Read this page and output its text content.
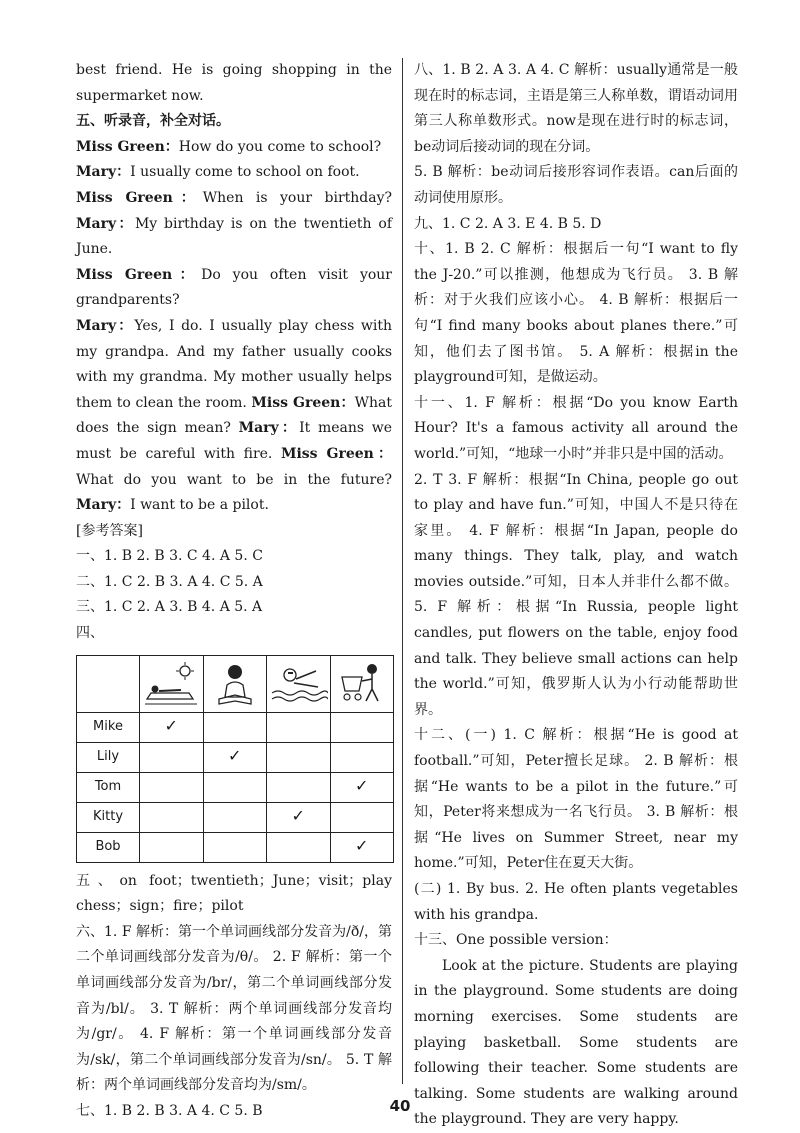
best friend. He is going shopping in the supermarket now.

五、听录音，补全对话。

Miss Green：How do you come to school?

Mary：I usually come to school on foot.

Miss Green：When is your birthday? Mary：My birthday is on the twentieth of June.

Miss Green：Do you often visit your grandparents?

Mary：Yes, I do. I usually play chess with my grandpa. And my father usually cooks with my grandma. My mother usually helps them to clean the room. Miss Green：What does the sign mean? Mary：It means we must be careful with fire. Miss Green：What do you want to be in the future? Mary：I want to be a pilot.

[参考答案]

一、1. B 2. B 3. C 4. A 5. C

二、1. C 2. B 3. A 4. C 5. A

三、1. C 2. A 3. B 4. A 5. A

四、

Mike	✓			
Lily		✓		
Tom				✓
Kitty			✓	
Bob				✓

五、on foot；twentieth；June；visit；play chess；sign；fire；pilot

六、1. F 解析：第一个单词画线部分发音为/ð/，第二个单词画线部分发音为/θ/。 2. F 解析：第一个单词画线部分发音为/br/，第二个单词画线部分发音为/bl/。 3. T 解析：两个单词画线部分发音均为/gr/。 4. F 解析：第一个单词画线部分发音为/sk/，第二个单词画线部分发音为/sn/。 5. T 解析：两个单词画线部分发音均为/sm/。

七、1. B 2. B 3. A 4. C 5. B

八、1. B 2. A 3. A 4. C 解析：usually通常是一般现在时的标志词，主语是第三人称单数，谓语动词用第三人称单数形式。now是现在进行时的标志词，be动词后接动词的现在分词。

5. B 解析：be动词后接形容词作表语。can后面的动词使用原形。

九、1. C 2. A 3. E 4. B 5. D

十、1. B 2. C 解析：根据后一句“I want to fly the J-20.”可以推测，他想成为飞行员。 3. B 解析：对于火我们应该小心。 4. B 解析：根据后一句“I find many books about planes there.”可知，他们去了图书馆。 5. A 解析：根据in the playground可知，是做运动。

十一、1. F 解析：根据“Do you know Earth Hour? It's a famous activity all around the world.”可知，“地球一小时”并非只是中国的活动。

2. T 3. F 解析：根据“In China, people go out to play and have fun.”可知，中国人不是只待在家里。 4. F 解析：根据“In Japan, people do many things. They talk, play, and watch movies outside.”可知，日本人并非什么都不做。 5. F 解析：根据“In Russia, people light candles, put flowers on the table, enjoy food and talk. They believe small actions can help the world.”可知，俄罗斯人认为小行动能帮助世界。

十二、(一) 1. C 解析：根据“He is good at football.”可知，Peter擅长足球。 2. B 解析：根据“He wants to be a pilot in the future.”可知，Peter将来想成为一名飞行员。 3. B 解析：根据“He lives on Summer Street, near my home.”可知，Peter住在夏天大街。

(二) 1. By bus. 2. He often plants vegetables with his grandpa.

十三、One possible version：

Look at the picture. Students are playing in the playground. Some students are doing morning exercises. Some students are playing basketball. Some students are following their teacher. Some students are talking. Some students are walking around the playground. They are very happy.

40
